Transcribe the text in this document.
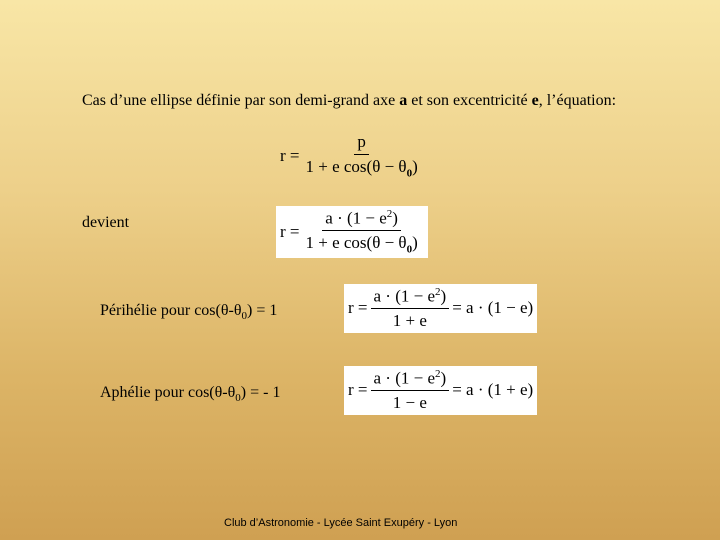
Cas d’une ellipse définie par son demi-grand axe a et son excentricité e, l’équation:
$r = \frac{p}{1 + e \cos(\theta - \theta_0)}$
devient	$r = \frac{a \cdot (1 - e^2)}{1 + e \cos(\theta - \theta_0)}$
Périhélie pour $\cos(\theta-\theta_0) = 1$	$r = \frac{a \cdot (1 - e^2)}{1 + e} = a \cdot (1 - e)$
Aphélie pour $\cos(\theta-\theta_0)$ = - 1	$r = \frac{a \cdot (1 - e^2)}{1 - e} = a \cdot (1 + e)$
Club d’Astronomie - Lycée Saint Exupéry - Lyon
